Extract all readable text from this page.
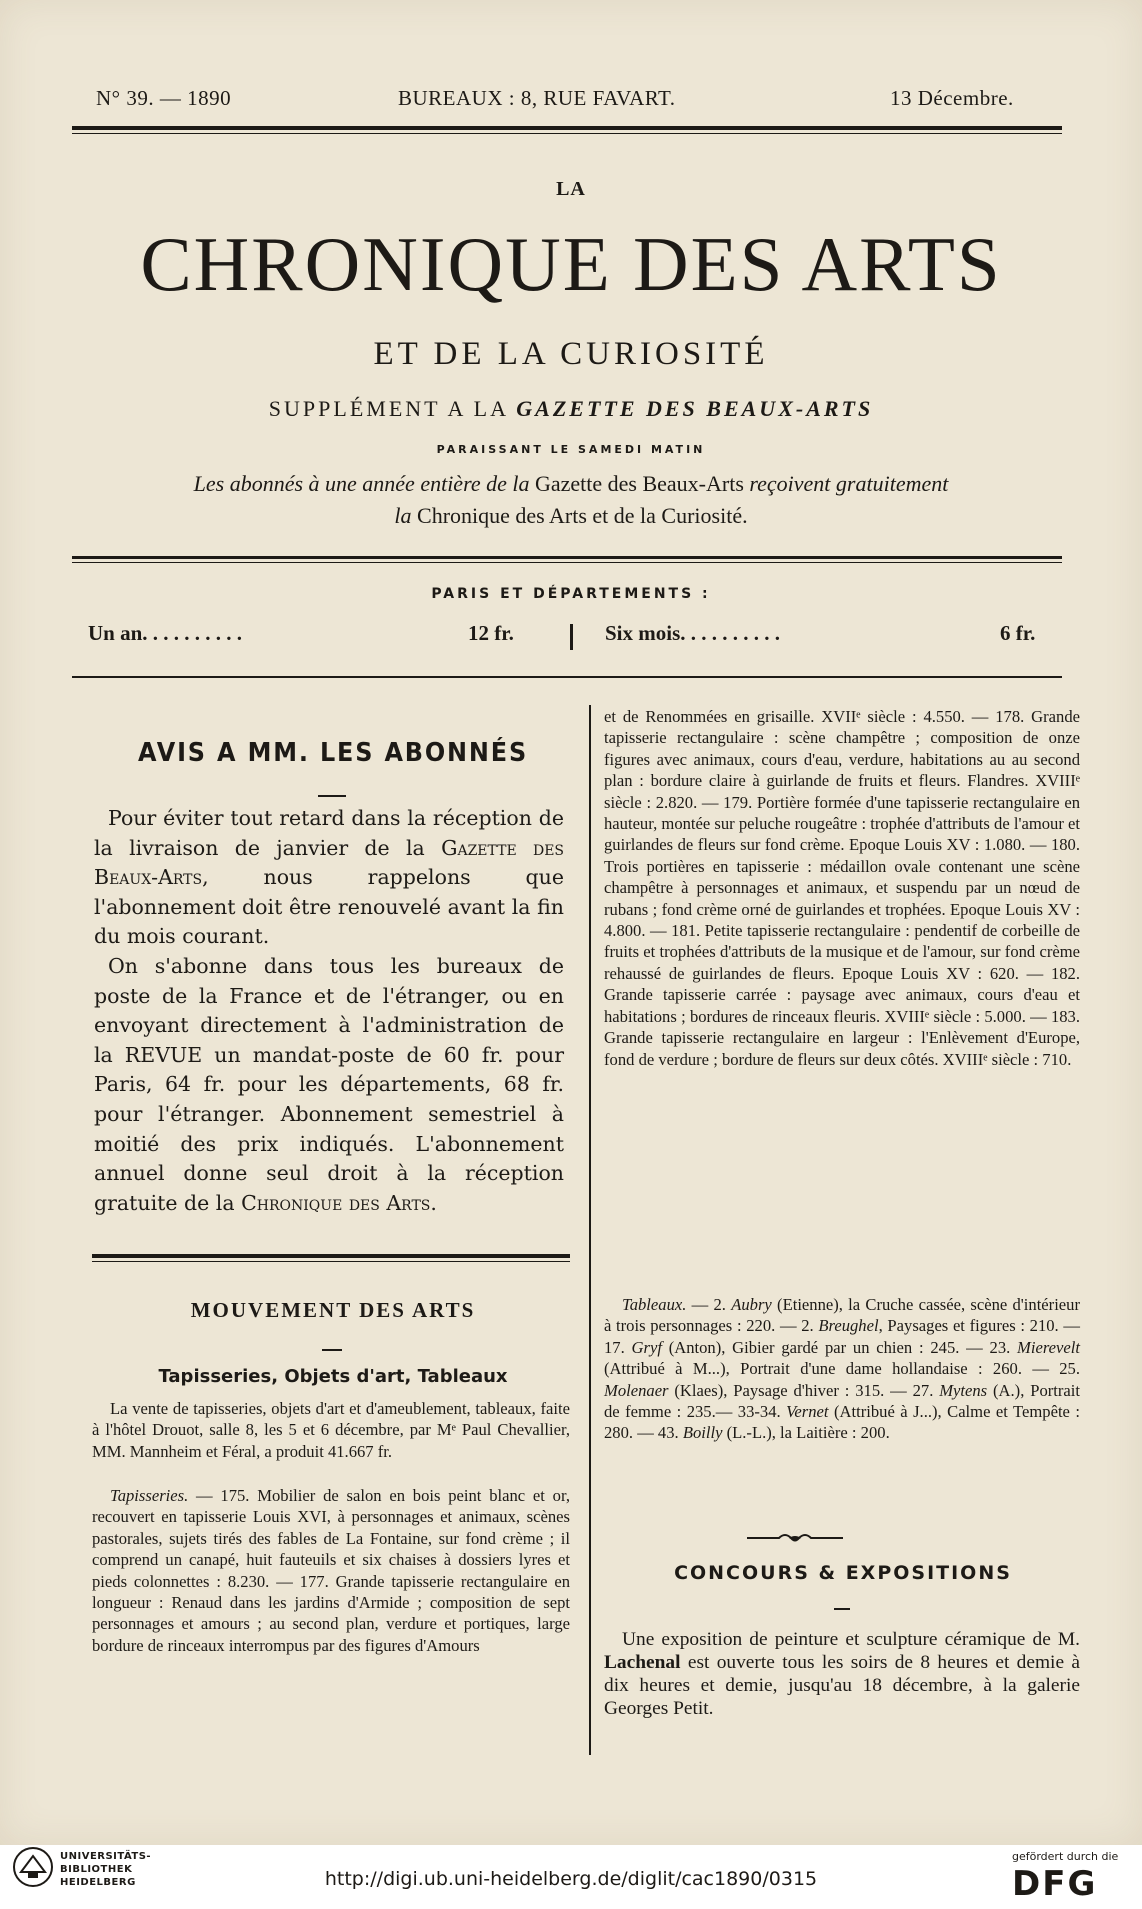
N° 39. — 1890	BUREAUX : 8, RUE FAVART.	13 Décembre.
LA
CHRONIQUE DES ARTS
ET DE LA CURIOSITÉ
SUPPLÉMENT A LA GAZETTE DES BEAUX-ARTS
PARAISSANT LE SAMEDI MATIN
Les abonnés à une année entière de la Gazette des Beaux-Arts reçoivent gratuitement
la Chronique des Arts et de la Curiosité.
PARIS ET DÉPARTEMENTS :
Un an. . . . . . . . . .	12 fr.	Six mois. . . . . . . . . .	6 fr.
AVIS A MM. LES ABONNÉS

Pour éviter tout retard dans la réception de la livraison de janvier de la Gazette des Beaux-Arts, nous rappelons que l'abonnement doit être renouvelé avant la fin du mois courant.

On s'abonne dans tous les bureaux de poste de la France et de l'étranger, ou en envoyant directement à l'administration de la REVUE un mandat-poste de 60 fr. pour Paris, 64 fr. pour les départements, 68 fr. pour l'étranger. Abonnement semestriel à moitié des prix indiqués. L'abonnement annuel donne seul droit à la réception gratuite de la Chronique des Arts.

MOUVEMENT DES ARTS
Tapisseries, Objets d'art, Tableaux

La vente de tapisseries, objets d'art et d'ameublement, tableaux, faite à l'hôtel Drouot, salle 8, les 5 et 6 décembre, par Mᵉ Paul Chevallier, MM. Mannheim et Féral, a produit 41.667 fr.

Tapisseries. — 175. Mobilier de salon en bois peint blanc et or, recouvert en tapisserie Louis XVI, à personnages et animaux, scènes pastorales, sujets tirés des fables de La Fontaine, sur fond crème ; il comprend un canapé, huit fauteuils et six chaises à dossiers lyres et pieds colonnettes : 8.230. — 177. Grande tapisserie rectangulaire en longueur : Renaud dans les jardins d'Armide ; composition de sept personnages et amours ; au second plan, verdure et portiques, large bordure de rinceaux interrompus par des figures d'Amours

et de Renommées en grisaille. XVIIᵉ siècle : 4.550. — 178. Grande tapisserie rectangulaire : scène champêtre ; composition de onze figures avec animaux, cours d'eau, verdure, habitations au au second plan : bordure claire à guirlande de fruits et fleurs. Flandres. XVIIIᵉ siècle : 2.820. — 179. Portière formée d'une tapisserie rectangulaire en hauteur, montée sur peluche rougeâtre : trophée d'attributs de l'amour et guirlandes de fleurs sur fond crème. Epoque Louis XV : 1.080. — 180. Trois portières en tapisserie : médaillon ovale contenant une scène champêtre à personnages et animaux, et suspendu par un nœud de rubans ; fond crème orné de guirlandes et trophées. Epoque Louis XV : 4.800. — 181. Petite tapisserie rectangulaire : pendentif de corbeille de fruits et trophées d'attributs de la musique et de l'amour, sur fond crème rehaussé de guirlandes de fleurs. Epoque Louis XV : 620. — 182. Grande tapisserie carrée : paysage avec animaux, cours d'eau et habitations ; bordures de rinceaux fleuris. XVIIIᵉ siècle : 5.000. — 183. Grande tapisserie rectangulaire en largeur : l'Enlèvement d'Europe, fond de verdure ; bordure de fleurs sur deux côtés. XVIIIᵉ siècle : 710.

Tableaux. — 2. Aubry (Etienne), la Cruche cassée, scène d'intérieur à trois personnages : 220. — 2. Breughel, Paysages et figures : 210. — 17. Gryf (Anton), Gibier gardé par un chien : 245. — 23. Mierevelt (Attribué à M...), Portrait d'une dame hollandaise : 260. — 25. Molenaer (Klaes), Paysage d'hiver : 315. — 27. Mytens (A.), Portrait de femme : 235.— 33-34. Vernet (Attribué à J...), Calme et Tempête : 280. — 43. Boilly (L.-L.), la Laitière : 200.

CONCOURS & EXPOSITIONS

Une exposition de peinture et sculpture céramique de M. Lachenal est ouverte tous les soirs de 8 heures et demie à dix heures et demie, jusqu'au 18 décembre, à la galerie Georges Petit.

UNIVERSITÄTS-
BIBLIOTHEK
HEIDELBERG	http://digi.ub.uni-heidelberg.de/diglit/cac1890/0315
gefördert durch die
DFG
